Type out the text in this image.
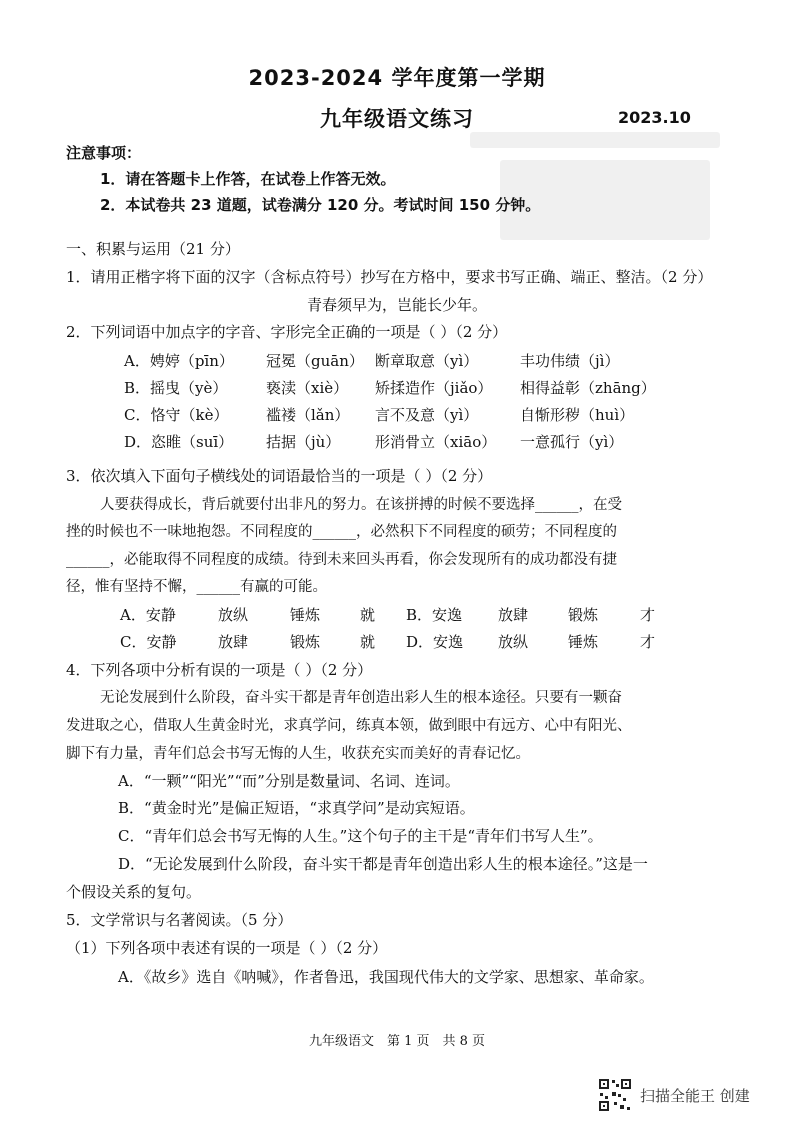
2023-2024 学年度第一学期
九年级语文练习	2023.10
注意事项：
1．请在答题卡上作答，在试卷上作答无效。
2．本试卷共 23 道题，试卷满分 120 分。考试时间 150 分钟。
一、积累与运用（21 分）
1．请用正楷字将下面的汉字（含标点符号）抄写在方格中，要求书写正确、端正、整洁。（2 分）
青春须早为，岂能长少年。
2．下列词语中加点字的字音、字形完全正确的一项是（ ）（2 分）
A．娉婷（pīn） 冠冕（guān） 断章取意（yì）	丰功伟绩（jì）
B．摇曳（yè）	亵渎（xiè） 矫揉造作（jiǎo） 相得益彰（zhāng）
C．恪守（kè）	褴褛（lǎn） 言不及意（yì）	自惭形秽（huì）
D．恣睢（suī） 拮据（jù） 形消骨立（xiāo） 一意孤行（yì）
3．依次填入下面句子横线处的词语最恰当的一项是（ ）（2 分）
人要获得成长，背后就要付出非凡的努力。在该拼搏的时候不要选择______，在受
挫的时候也不一味地抱怨。不同程度的______，必然积下不同程度的硕劳；不同程度的
______，必能取得不同程度的成绩。待到未来回头再看，你会发现所有的成功都没有捷
径，惟有坚持不懈，______有赢的可能。
A．安静	放纵	锤炼	就 B．安逸 放肆	锻炼	才
C．安静	放肆	锻炼	就 D．安逸 放纵	锤炼	才
4．下列各项中分析有误的一项是（ ）（2 分）
无论发展到什么阶段，奋斗实干都是青年创造出彩人生的根本途径。只要有一颗奋
发进取之心，借取人生黄金时光，求真学问，练真本领，做到眼中有远方、心中有阳光、
脚下有力量，青年们总会书写无悔的人生，收获充实而美好的青春记忆。
A．“一颗”“阳光”“而”分别是数量词、名词、连词。
B．“黄金时光”是偏正短语，“求真学问”是动宾短语。
C．“青年们总会书写无悔的人生。”这个句子的主干是“青年们书写人生”。
D．“无论发展到什么阶段，奋斗实干都是青年创造出彩人生的根本途径。”这是一
个假设关系的复句。
5．文学常识与名著阅读。（5 分）
（1）下列各项中表述有误的一项是（ ）（2 分）
A．《故乡》选自《呐喊》，作者鲁迅，我国现代伟大的文学家、思想家、革命家。
九年级语文　第 1 页　共 8 页
扫描全能王 创建
